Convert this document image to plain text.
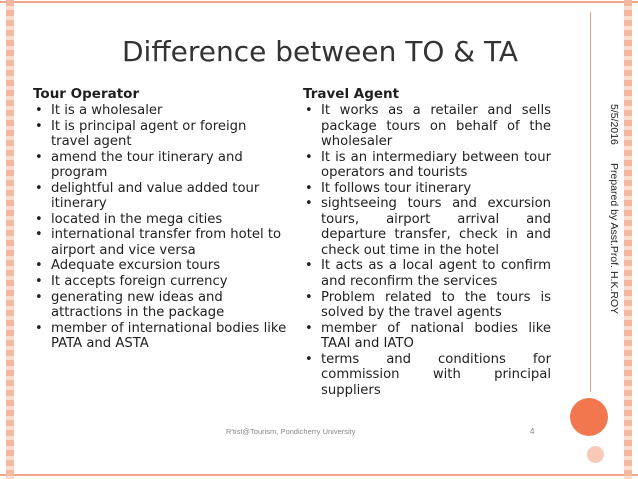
Difference between TO & TA
Tour Operator
• It is a wholesaler
• It is principal agent or foreign travel agent
• amend the tour itinerary and program
• delightful and value added tour itinerary
• located in the mega cities
• international transfer from hotel to airport and vice versa
• Adequate excursion tours
• It accepts foreign currency
• generating new ideas and attractions in the package
• member of international bodies like PATA and ASTA
Travel Agent
• It works as a retailer and sells package tours on behalf of the wholesaler
• It is an intermediary between tour operators and tourists
• It follows tour itinerary
• sightseeing tours and excursion tours, airport arrival and departure transfer, check in and check out time in the hotel
• It acts as a local agent to confirm and reconfirm the services
• Problem related to the tours is solved by the travel agents
• member of national bodies like TAAI and IATO
• terms and conditions for commission with principal suppliers
R'tist@Tourism, Pondicherry University	4
5/5/2016
Prepared by Asst.Prof. H.K.ROY
